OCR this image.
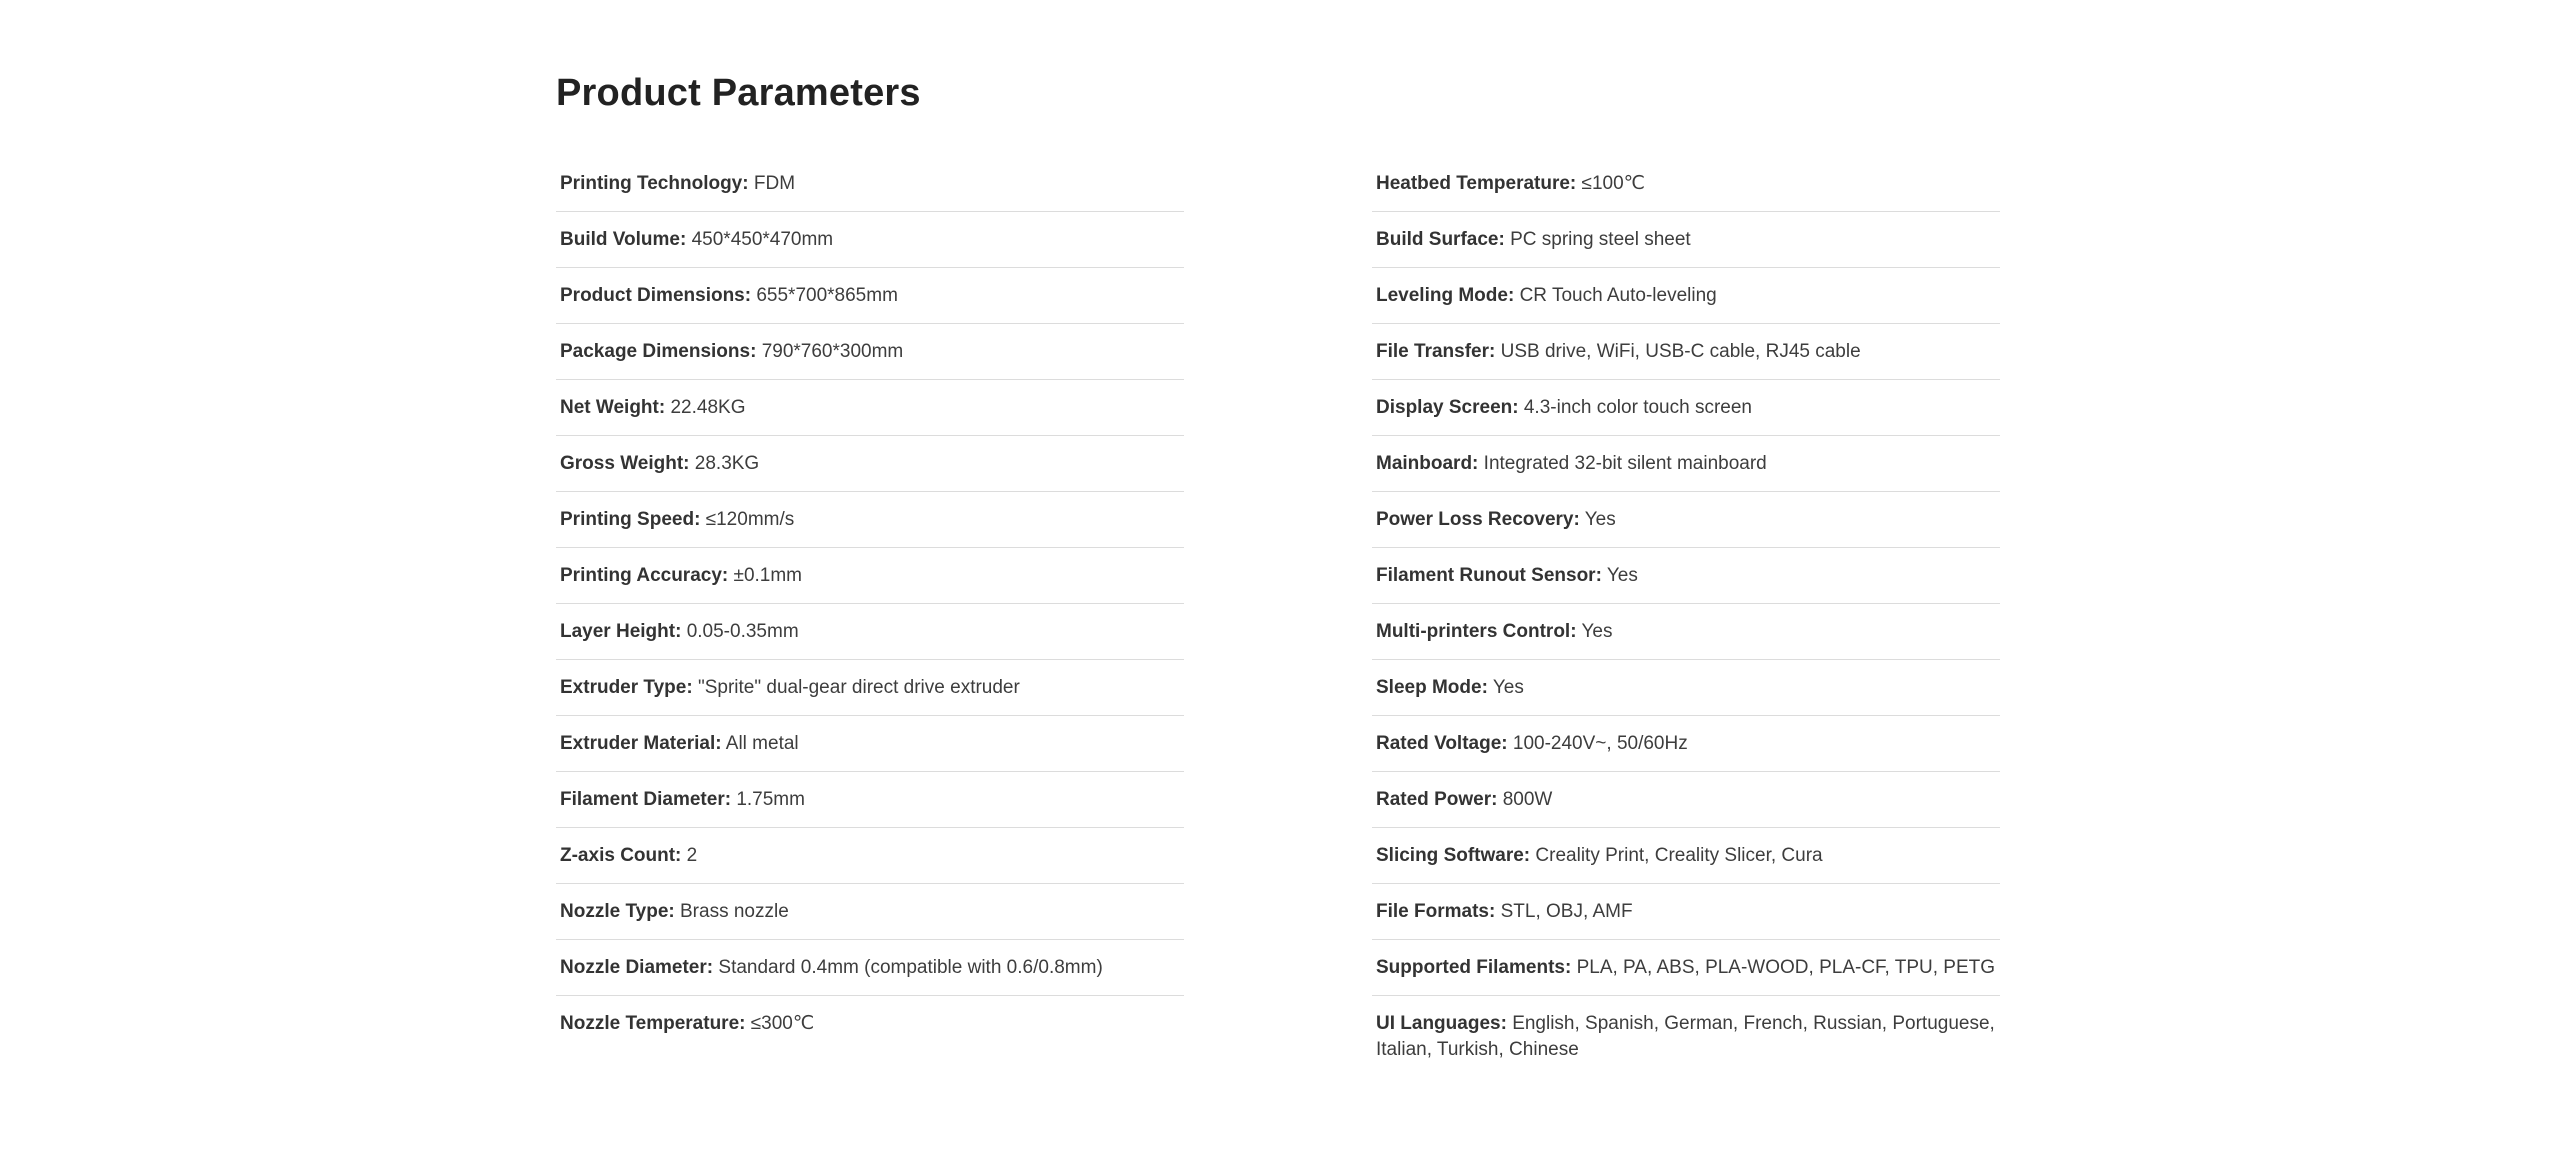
Product Parameters
Printing Technology: FDM
Build Volume: 450*450*470mm
Product Dimensions: 655*700*865mm
Package Dimensions: 790*760*300mm
Net Weight: 22.48KG
Gross Weight: 28.3KG
Printing Speed: ≤120mm/s
Printing Accuracy: ±0.1mm
Layer Height: 0.05-0.35mm
Extruder Type: "Sprite" dual-gear direct drive extruder
Extruder Material: All metal
Filament Diameter: 1.75mm
Z-axis Count: 2
Nozzle Type: Brass nozzle
Nozzle Diameter: Standard 0.4mm (compatible with 0.6/0.8mm)
Nozzle Temperature: ≤300℃
Heatbed Temperature: ≤100℃
Build Surface: PC spring steel sheet
Leveling Mode: CR Touch Auto-leveling
File Transfer: USB drive, WiFi, USB-C cable, RJ45 cable
Display Screen: 4.3-inch color touch screen
Mainboard: Integrated 32-bit silent mainboard
Power Loss Recovery: Yes
Filament Runout Sensor: Yes
Multi-printers Control: Yes
Sleep Mode: Yes
Rated Voltage: 100-240V~, 50/60Hz
Rated Power: 800W
Slicing Software: Creality Print, Creality Slicer, Cura
File Formats: STL, OBJ, AMF
Supported Filaments: PLA, PA, ABS, PLA-WOOD, PLA-CF, TPU, PETG
UI Languages: English, Spanish, German, French, Russian, Portuguese, Italian, Turkish, Chinese
